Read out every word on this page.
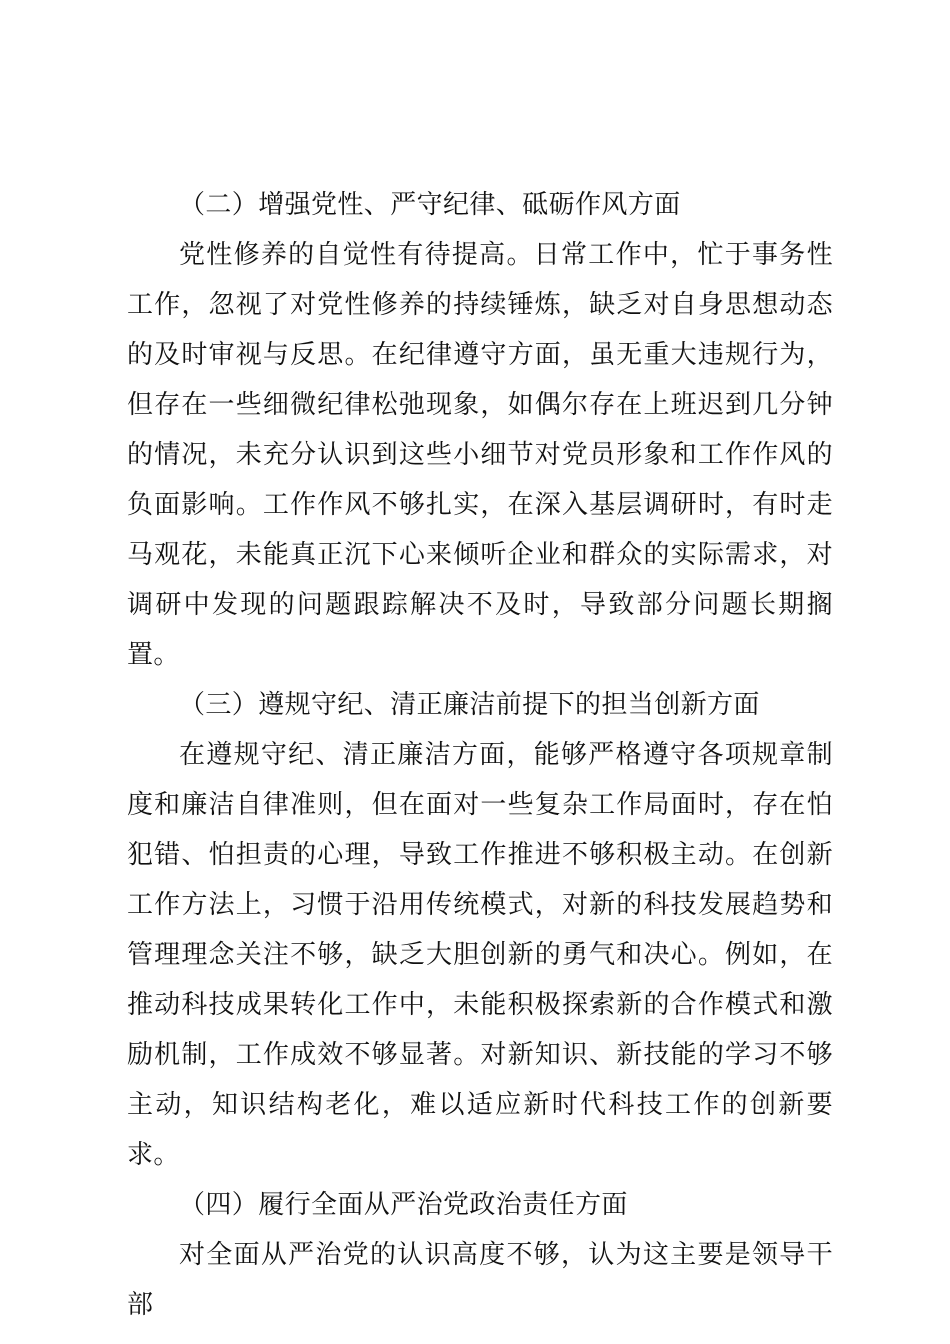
（二）增强党性、严守纪律、砥砺作风方面

党性修养的自觉性有待提高。日常工作中，忙于事务性工作，忽视了对党性修养的持续锤炼，缺乏对自身思想动态的及时审视与反思。在纪律遵守方面，虽无重大违规行为，但存在一些细微纪律松弛现象，如偶尔存在上班迟到几分钟的情况，未充分认识到这些小细节对党员形象和工作作风的负面影响。工作作风不够扎实，在深入基层调研时，有时走马观花，未能真正沉下心来倾听企业和群众的实际需求，对调研中发现的问题跟踪解决不及时，导致部分问题长期搁置。

（三）遵规守纪、清正廉洁前提下的担当创新方面

在遵规守纪、清正廉洁方面，能够严格遵守各项规章制度和廉洁自律准则，但在面对一些复杂工作局面时，存在怕犯错、怕担责的心理，导致工作推进不够积极主动。在创新工作方法上，习惯于沿用传统模式，对新的科技发展趋势和管理理念关注不够，缺乏大胆创新的勇气和决心。例如，在推动科技成果转化工作中，未能积极探索新的合作模式和激励机制，工作成效不够显著。对新知识、新技能的学习不够主动，知识结构老化，难以适应新时代科技工作的创新要求。

（四）履行全面从严治党政治责任方面

对全面从严治党的认识高度不够，认为这主要是领导干部
